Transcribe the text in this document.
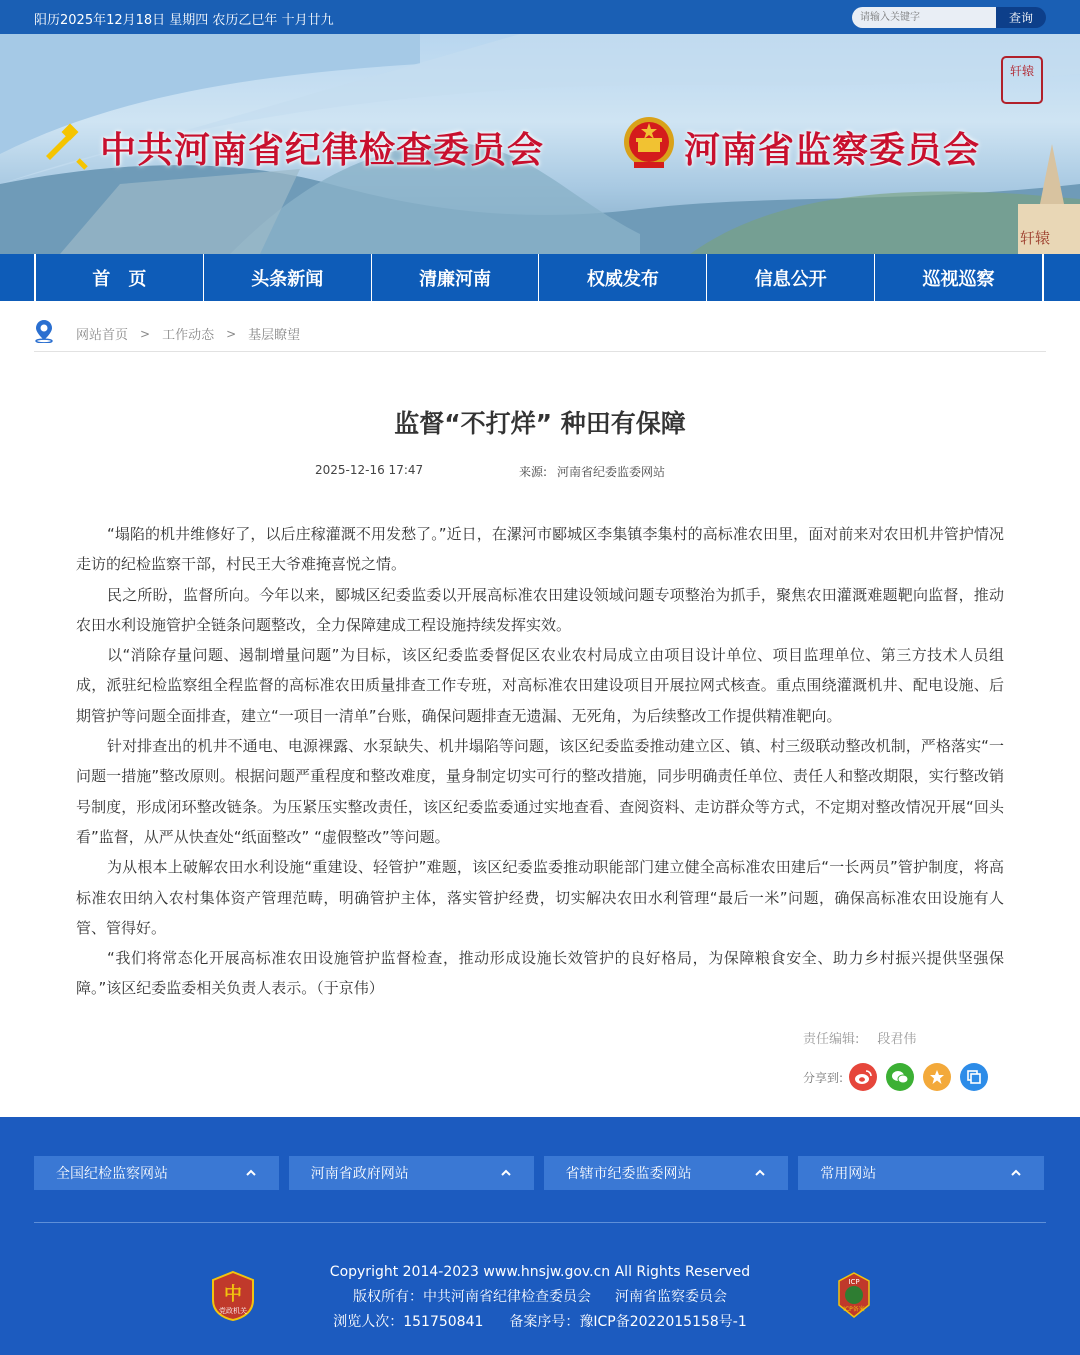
阳历2025年12月18日 星期四 农历乙巳年 十月廿九
请输入关键字	查询
轩辕
中共河南省纪律检查委员会	河南省监察委员会
轩辕
首　页	头条新闻	清廉河南	权威发布	信息公开	巡视巡察
网站首页 > 工作动态 > 基层瞭望
监督“不打烊” 种田有保障
2025-12-16 17:47	来源: 河南省纪委监委网站

“塌陷的机井维修好了，以后庄稼灌溉不用发愁了。”近日，在漯河市郾城区李集镇李集村的高标准农田里，面对前来对农田机井管护情况走访的纪检监察干部，村民王大爷难掩喜悦之情。

民之所盼，监督所向。今年以来，郾城区纪委监委以开展高标准农田建设领域问题专项整治为抓手，聚焦农田灌溉难题靶向监督，推动农田水利设施管护全链条问题整改，全力保障建成工程设施持续发挥实效。

以“消除存量问题、遏制增量问题”为目标，该区纪委监委督促区农业农村局成立由项目设计单位、项目监理单位、第三方技术人员组成，派驻纪检监察组全程监督的高标准农田质量排查工作专班，对高标准农田建设项目开展拉网式核查。重点围绕灌溉机井、配电设施、后期管护等问题全面排查，建立“一项目一清单”台账，确保问题排查无遗漏、无死角，为后续整改工作提供精准靶向。

针对排查出的机井不通电、电源裸露、水泵缺失、机井塌陷等问题，该区纪委监委推动建立区、镇、村三级联动整改机制，严格落实“一问题一措施”整改原则。根据问题严重程度和整改难度，量身制定切实可行的整改措施，同步明确责任单位、责任人和整改期限，实行整改销号制度，形成闭环整改链条。为压紧压实整改责任，该区纪委监委通过实地查看、查阅资料、走访群众等方式，不定期对整改情况开展“回头看”监督，从严从快查处“纸面整改” “虚假整改”等问题。

为从根本上破解农田水利设施“重建设、轻管护”难题，该区纪委监委推动职能部门建立健全高标准农田建后“一长两员”管护制度，将高标准农田纳入农村集体资产管理范畴，明确管护主体，落实管护经费，切实解决农田水利管理“最后一米”问题，确保高标准农田设施有人管、管得好。

“我们将常态化开展高标准农田设施管护监督检查，推动形成设施长效管护的良好格局，为保障粮食安全、助力乡村振兴提供坚强保障。”该区纪委监委相关负责人表示。（于京伟）

责任编辑: 段君伟
分享到:
全国纪检监察网站	河南省政府网站	省辖市纪委监委网站	常用网站
中
党政机关
Copyright 2014-2023 www.hnsjw.gov.cn All Rights Reserved
版权所有：中共河南省纪律检查委员会 河南省监察委员会
浏览人次：151750841 备案序号：豫ICP备2022015158号-1
ICP
ICP备案
